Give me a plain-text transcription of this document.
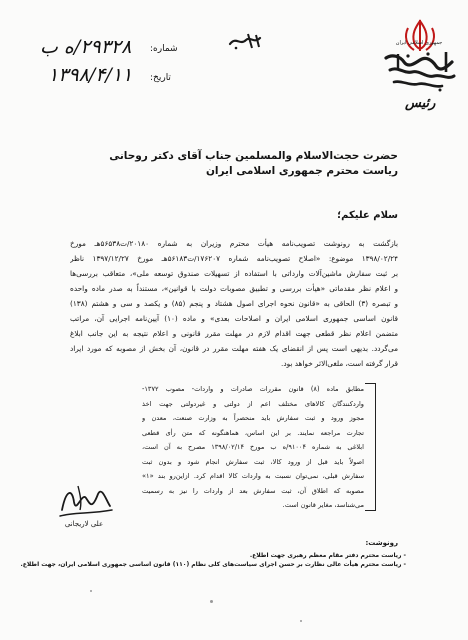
جمهوری اسلامی ایران
رئیس
شماره:
۲۹۳۲۸/ه ب
تاریخ:
۱۳۹۸/۴/۱۱
حضرت حجت‌الاسلام والمسلمین جناب آقای دکتر روحانی
ریاست محترم جمهوری اسلامی ایران
سلام علیکم؛
بازگشت به رونوشت تصویب‌نامه هیأت محترم وزیران به شماره ۲۰۱۸۰/ت۵۶۵۳۸هـ مورخ
۱۳۹۸/۰۲/۲۴ موضوع: «اصلاح تصویب‌نامه شماره ۱۷۶۲۰۷/ت۵۶۱۸۳هـ مورخ ۱۳۹۷/۱۲/۲۷ ناظر
بر ثبت سفارش ماشین‌آلات وارداتی با استفاده از تسهیلات صندوق توسعه ملی»، متعاقب بررسی‌ها
و اعلام نظر مقدماتی «هیأت بررسی و تطبیق مصوبات دولت با قوانین»، مستنداً به صدر ماده واحده
و تبصره (۳) الحاقی به «قانون نحوه اجرای اصول هشتاد و پنجم (۸۵) و یکصد و سی و هشتم (۱۳۸)
قانون اساسی جمهوری اسلامی ایران و اصلاحات بعدی» و ماده (۱۰) آیین‌نامه اجرایی آن، مراتب
متضمن اعلام نظر قطعی جهت اقدام لازم در مهلت مقرر قانونی و اعلام نتیجه به این جانب ابلاغ
می‌گردد. بدیهی است پس از انقضای یک هفته مهلت مقرر در قانون، آن بخش از مصوبه که مورد ایراد
قرار گرفته است، ملغی‌الاثر خواهد بود.
مطابق ماده (۸) قانون مقررات صادرات و واردات- مصوب ۱۳۷۲-
واردکنندگان کالاهای مختلف اعم از دولتی و غیردولتی جهت اخذ
مجوز ورود و ثبت سفارش باید منحصراً به وزارت صنعت، معدن و
تجارت مراجعه نمایند. بر این اساس، هماهنگونه که متن رأی قطعی
ابلاغی به شماره ۹۱۰۰۴/ه ب مورخ ۱۳۹۸/۰۲/۱۴ مصرح به آن است،
اصولاً باید قبل از ورود کالا، ثبت سفارش انجام شود و بدون ثبت
سفارش قبلی، نمی‌توان نسبت به واردات کالا اقدام کرد. ازاین‌رو بند «۱»
مصوبه که اطلاق آن، ثبت سفارش بعد از واردات را نیز به رسمیت
می‌شناسد، مغایر قانون است.
علی لاریجانی
رونوشت:
- ریاست محترم دفتر مقام معظم رهبری جهت اطلاع.
- ریاست محترم هیأت عالی نظارت بر حسن اجرای سیاست‌های کلی نظام (۱۱۰) قانون اساسی جمهوری اسلامی ایران، جهت اطلاع.
